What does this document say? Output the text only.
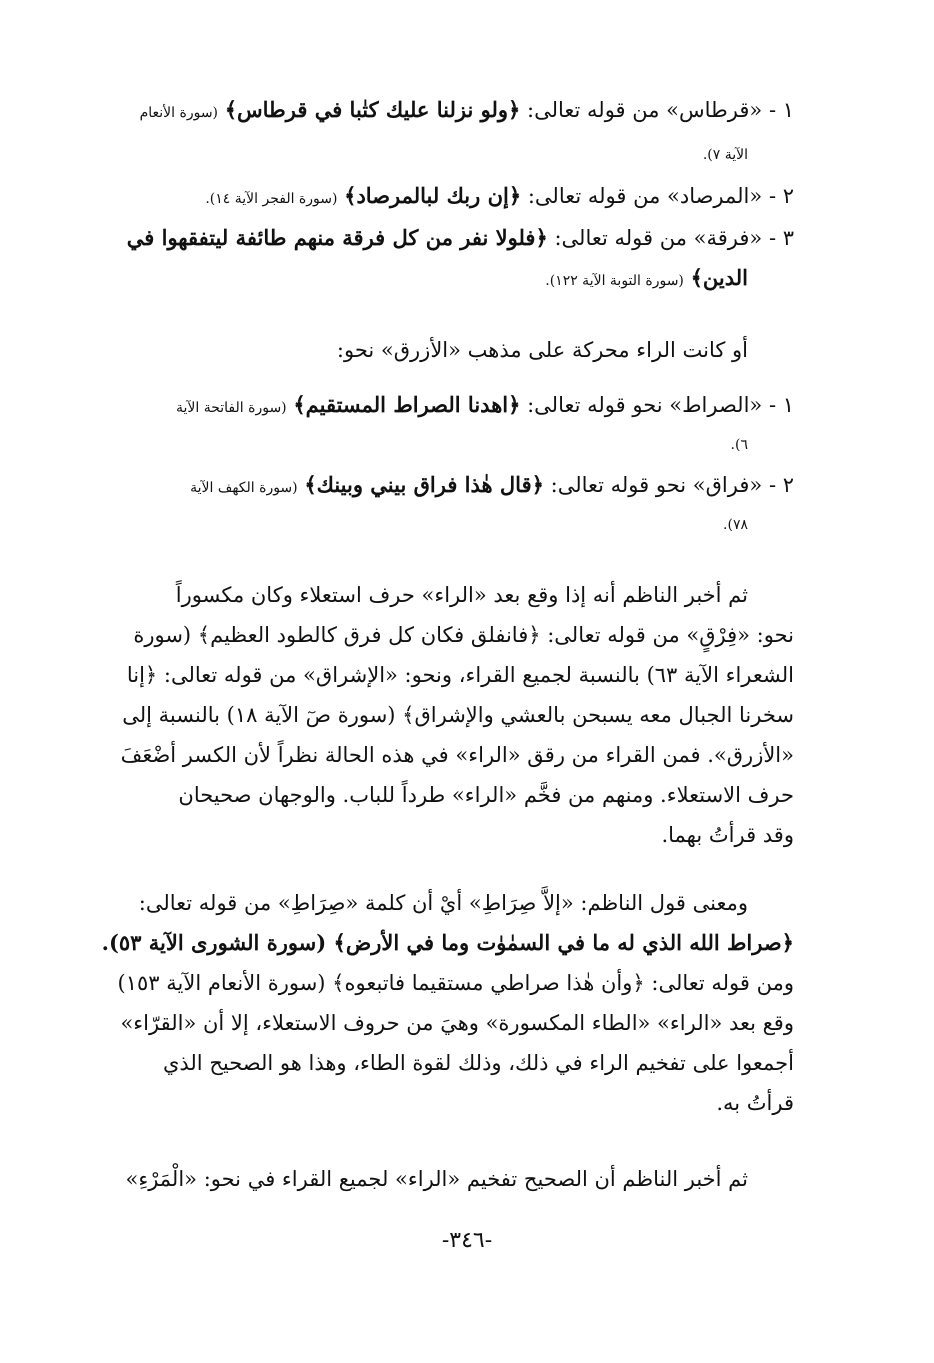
١ - «قرطاس» من قوله تعالى: ﴿ولو نزلنا عليك كتٰبا في قرطاس﴾ (سورة الأنعام
الآية ٧).
٢ - «المرصاد» من قوله تعالى: ﴿إن ربك لبالمرصاد﴾ (سورة الفجر الآية ١٤).
٣ - «فرقة» من قوله تعالى: ﴿فلولا نفر من كل فرقة منهم طائفة ليتفقهوا في
الدين﴾ (سورة التوبة الآية ١٢٢).
أو كانت الراء محركة على مذهب «الأزرق» نحو:
١ - «الصراط» نحو قوله تعالى: ﴿اهدنا الصراط المستقيم﴾ (سورة الفاتحة الآية
٦).
٢ - «فراق» نحو قوله تعالى: ﴿قال هٰذا فراق بيني وبينك﴾ (سورة الكهف الآية
٧٨).
ثم أخبر الناظم أنه إذا وقع بعد «الراء» حرف استعلاء وكان مكسوراً
نحو: «فِرْقٍ» من قوله تعالى: ﴿فانفلق فكان كل فرق كالطود العظيم﴾ (سورة
الشعراء الآية ٦٣) بالنسبة لجميع القراء، ونحو: «الإشراق» من قوله تعالى: ﴿إنا
سخرنا الجبال معه يسبحن بالعشي والإشراق﴾ (سورة صٓ الآية ١٨) بالنسبة إلى
«الأزرق». فمن القراء من رقق «الراء» في هذه الحالة نظراً لأن الكسر أضْعَفَ
حرف الاستعلاء. ومنهم من فخَّم «الراء» طرداً للباب. والوجهان صحيحان
وقد قرأتُ بهما.
ومعنى قول الناظم: «إلاَّ صِرَاطِ» أيْ أن كلمة «صِرَاطِ» من قوله تعالى:
﴿صراط الله الذي له ما في السمٰوٰت وما في الأرض﴾ (سورة الشورى الآية ٥٣).
ومن قوله تعالى: ﴿وأن هٰذا صراطي مستقيما فاتبعوه﴾ (سورة الأنعام الآية ١٥٣)
وقع بعد «الراء» «الطاء المكسورة» وهيَ من حروف الاستعلاء، إلا أن «القرّاء»
أجمعوا على تفخيم الراء في ذلك، وذلك لقوة الطاء، وهذا هو الصحيح الذي
قرأتُ به.
ثم أخبر الناظم أن الصحيح تفخيم «الراء» لجميع القراء في نحو: «الْمَرْءِ»
-٣٤٦-
